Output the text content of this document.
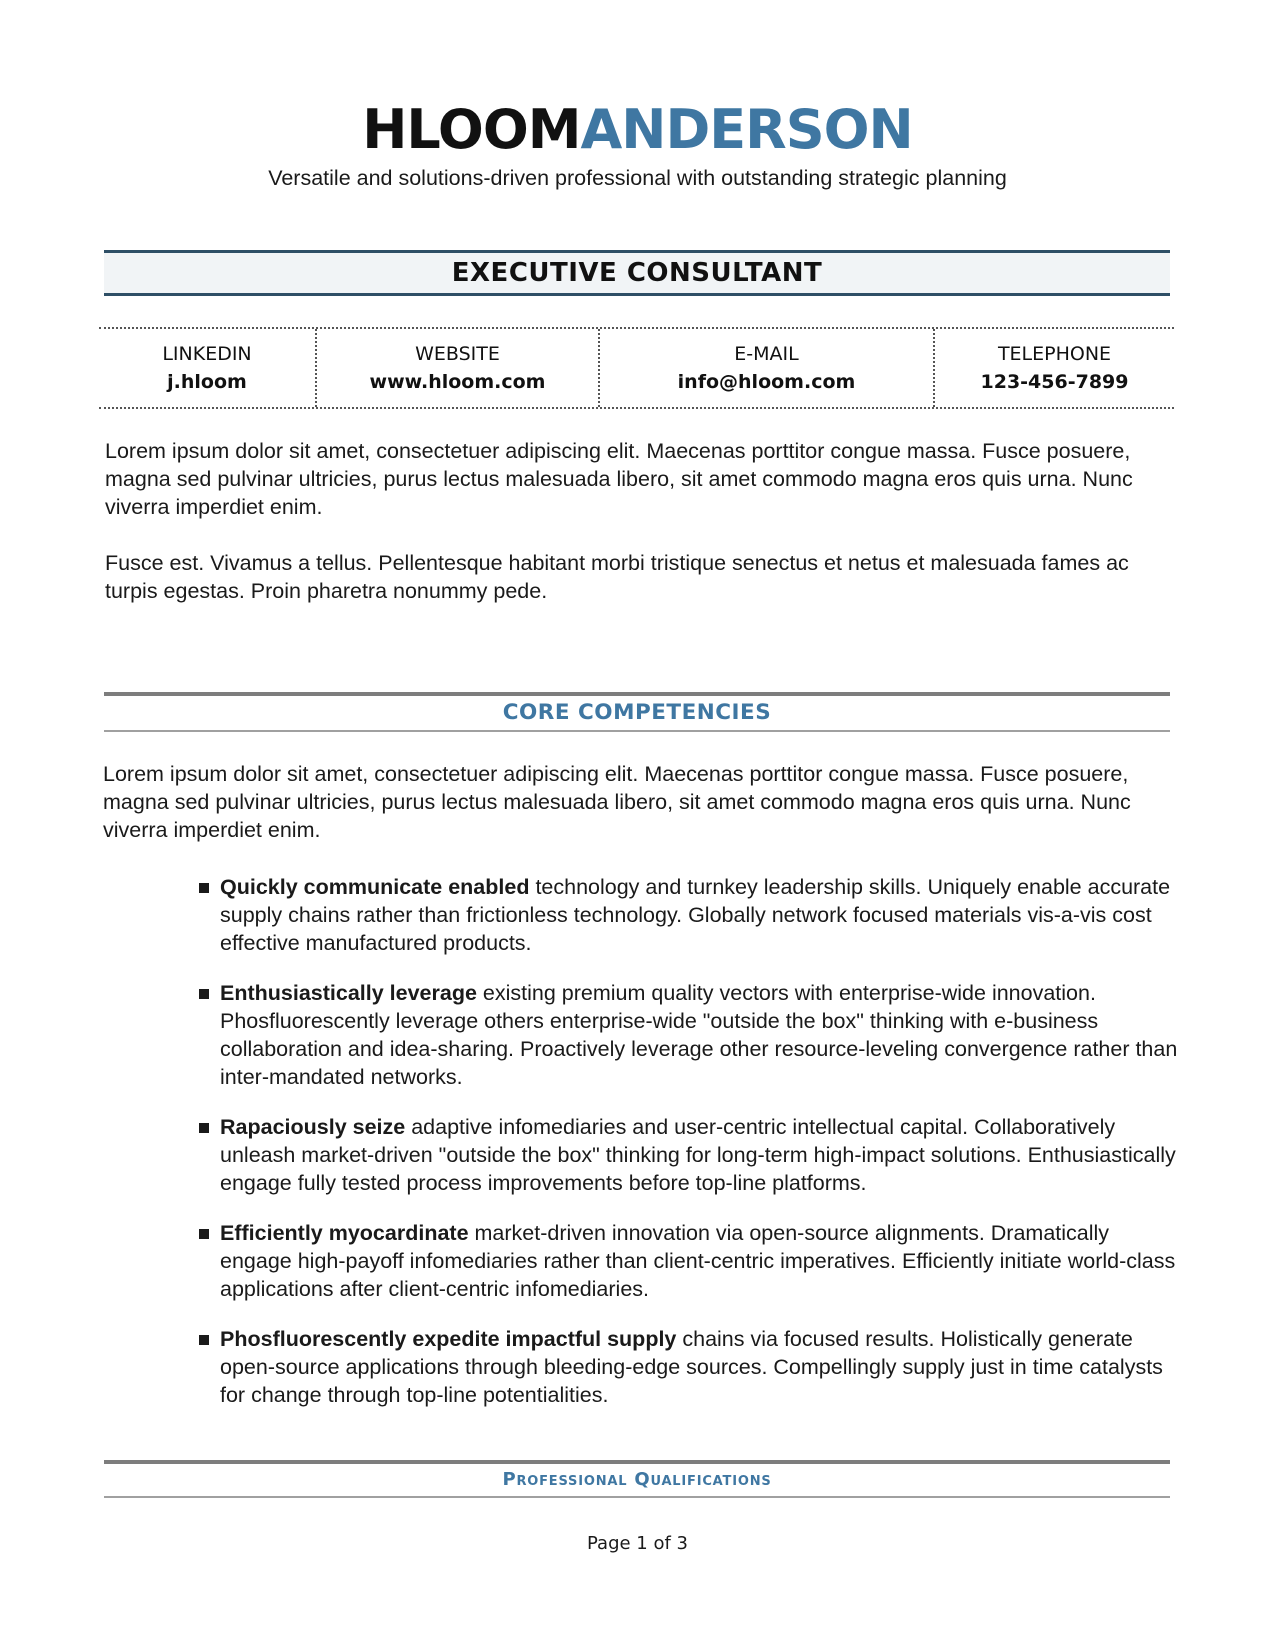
HLOOMANDERSON
Versatile and solutions-driven professional with outstanding strategic planning
EXECUTIVE CONSULTANT
LINKEDIN
j.hloom
WEBSITE
www.hloom.com
E-MAIL
info@hloom.com
TELEPHONE
123-456-7899

Lorem ipsum dolor sit amet, consectetuer adipiscing elit. Maecenas porttitor congue massa. Fusce posuere, magna sed pulvinar ultricies, purus lectus malesuada libero, sit amet commodo magna eros quis urna. Nunc viverra imperdiet enim.

Fusce est. Vivamus a tellus. Pellentesque habitant morbi tristique senectus et netus et malesuada fames ac turpis egestas. Proin pharetra nonummy pede.

CORE COMPETENCIES

Lorem ipsum dolor sit amet, consectetuer adipiscing elit. Maecenas porttitor congue massa. Fusce posuere, magna sed pulvinar ultricies, purus lectus malesuada libero, sit amet commodo magna eros quis urna. Nunc viverra imperdiet enim.

Quickly communicate enabled technology and turnkey leadership skills. Uniquely enable accurate supply chains rather than frictionless technology. Globally network focused materials vis-a-vis cost effective manufactured products.
Enthusiastically leverage existing premium quality vectors with enterprise-wide innovation. Phosfluorescently leverage others enterprise-wide "outside the box" thinking with e-business collaboration and idea-sharing. Proactively leverage other resource-leveling convergence rather than inter-mandated networks.
Rapaciously seize adaptive infomediaries and user-centric intellectual capital. Collaboratively unleash market-driven "outside the box" thinking for long-term high-impact solutions. Enthusiastically engage fully tested process improvements before top-line platforms.
Efficiently myocardinate market-driven innovation via open-source alignments. Dramatically engage high-payoff infomediaries rather than client-centric imperatives. Efficiently initiate world-class applications after client-centric infomediaries.
Phosfluorescently expedite impactful supply chains via focused results. Holistically generate open-source applications through bleeding-edge sources. Compellingly supply just in time catalysts for change through top-line potentialities.
Professional Qualifications
Page 1 of 3
